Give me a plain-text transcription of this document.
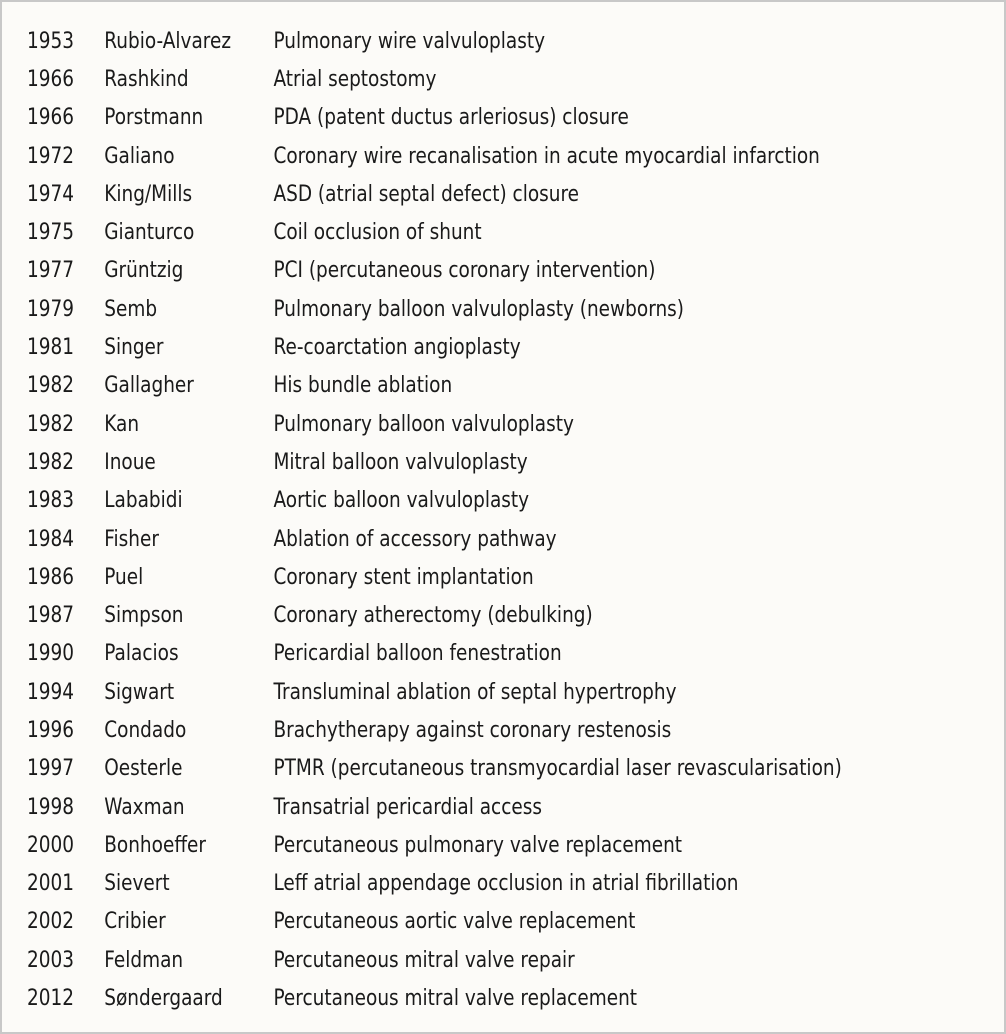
1953	Rubio-Alvarez	Pulmonary wire valvuloplasty
1966	Rashkind	Atrial septostomy
1966	Porstmann	PDA (patent ductus arleriosus) closure
1972	Galiano	Coronary wire recanalisation in acute myocardial infarction
1974	King/Mills	ASD (atrial septal defect) closure
1975	Gianturco	Coil occlusion of shunt
1977	Grüntzig	PCI (percutaneous coronary intervention)
1979	Semb	Pulmonary balloon valvuloplasty (newborns)
1981	Singer	Re-coarctation angioplasty
1982	Gallagher	His bundle ablation
1982	Kan	Pulmonary balloon valvuloplasty
1982	Inoue	Mitral balloon valvuloplasty
1983	Lababidi	Aortic balloon valvuloplasty
1984	Fisher	Ablation of accessory pathway
1986	Puel	Coronary stent implantation
1987	Simpson	Coronary atherectomy (debulking)
1990	Palacios	Pericardial balloon fenestration
1994	Sigwart	Transluminal ablation of septal hypertrophy
1996	Condado	Brachytherapy against coronary restenosis
1997	Oesterle	PTMR (percutaneous transmyocardial laser revascularisation)
1998	Waxman	Transatrial pericardial access
2000	Bonhoeffer	Percutaneous pulmonary valve replacement
2001	Sievert	Leff atrial appendage occlusion in atrial fibrillation
2002	Cribier	Percutaneous aortic valve replacement
2003	Feldman	Percutaneous mitral valve repair
2012	Søndergaard	Percutaneous mitral valve replacement
